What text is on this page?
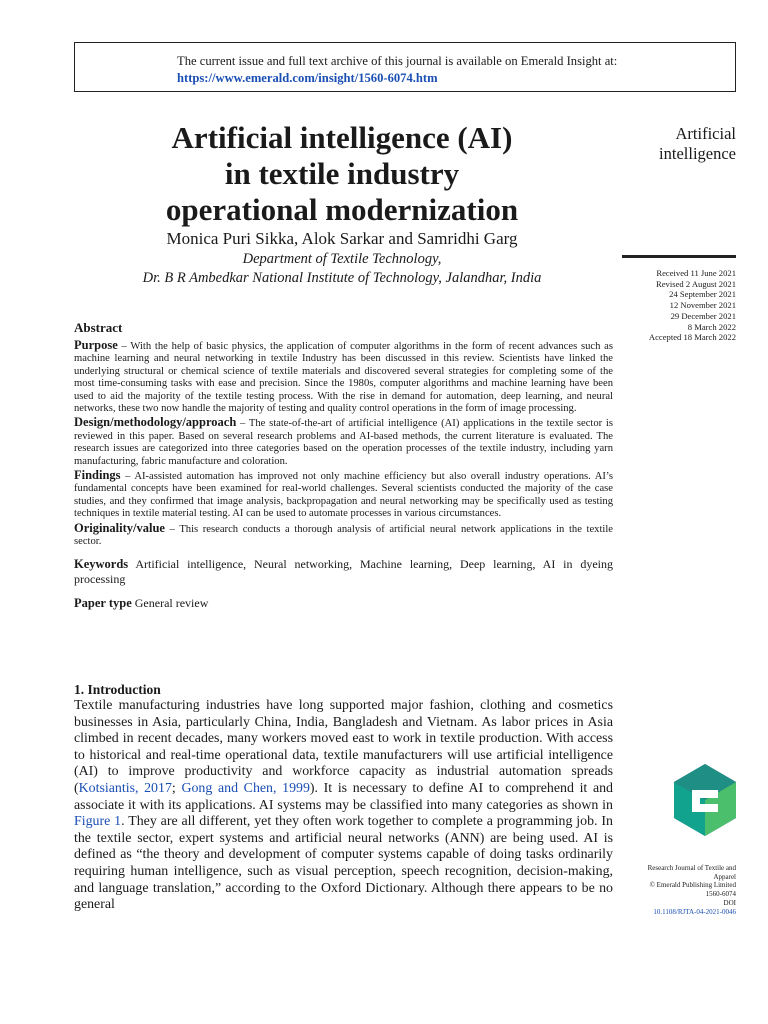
The current issue and full text archive of this journal is available on Emerald Insight at:
https://www.emerald.com/insight/1560-6074.htm
Artificial intelligence (AI)
in textile industry
operational modernization
Monica Puri Sikka, Alok Sarkar and Samridhi Garg
Department of Textile Technology,
Dr. B R Ambedkar National Institute of Technology, Jalandhar, India
Artificial
intelligence
Received 11 June 2021
Revised 2 August 2021
24 September 2021
12 November 2021
29 December 2021
8 March 2022
Accepted 18 March 2022
Abstract

Purpose – With the help of basic physics, the application of computer algorithms in the form of recent advances such as machine learning and neural networking in textile Industry has been discussed in this review. Scientists have linked the underlying structural or chemical science of textile materials and discovered several strategies for completing some of the most time-consuming tasks with ease and precision. Since the 1980s, computer algorithms and machine learning have been used to aid the majority of the textile testing process. With the rise in demand for automation, deep learning, and neural networks, these two now handle the majority of testing and quality control operations in the form of image processing.

Design/methodology/approach – The state-of-the-art of artificial intelligence (AI) applications in the textile sector is reviewed in this paper. Based on several research problems and AI-based methods, the current literature is evaluated. The research issues are categorized into three categories based on the operation processes of the textile industry, including yarn manufacturing, fabric manufacture and coloration.

Findings – AI-assisted automation has improved not only machine efficiency but also overall industry operations. AI’s fundamental concepts have been examined for real-world challenges. Several scientists conducted the majority of the case studies, and they confirmed that image analysis, backpropagation and neural networking may be specifically used as testing techniques in textile material testing. AI can be used to automate processes in various circumstances.

Originality/value – This research conducts a thorough analysis of artificial neural network applications in the textile sector.

Keywords Artificial intelligence, Neural networking, Machine learning, Deep learning, AI in dyeing processing

Paper type General review

1. Introduction

Textile manufacturing industries have long supported major fashion, clothing and cosmetics businesses in Asia, particularly China, India, Bangladesh and Vietnam. As labor prices in Asia climbed in recent decades, many workers moved east to work in textile production. With access to historical and real-time operational data, textile manufacturers will use artificial intelligence (AI) to improve productivity and workforce capacity as industrial automation spreads (Kotsiantis, 2017; Gong and Chen, 1999). It is necessary to define AI to comprehend it and associate it with its applications. AI systems may be classified into many categories as shown in Figure 1. They are all different, yet they often work together to complete a programming job. In the textile sector, expert systems and artificial neural networks (ANN) are being used. AI is defined as “the theory and development of computer systems capable of doing tasks ordinarily requiring human intelligence, such as visual perception, speech recognition, decision-making, and language translation,” according to the Oxford Dictionary. Although there appears to be no general

Research Journal of Textile and
Apparel
© Emerald Publishing Limited
1560-6074
DOI
10.1108/RJTA-04-2021-0046
